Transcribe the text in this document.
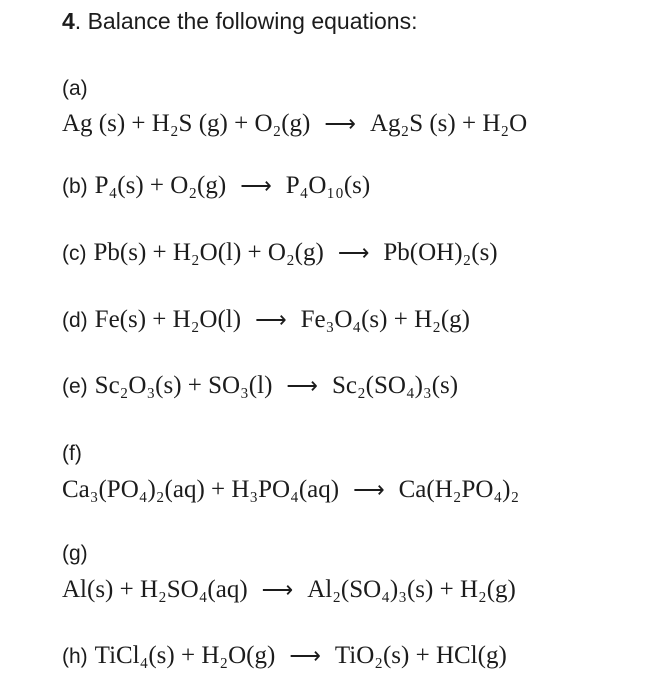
4. Balance the following equations:
(a)
Ag (s) + H₂S (g) + O₂(g) ⟶ Ag₂S (s) + H₂O
(b) P₄(s) + O₂(g) ⟶ P₄O₁₀(s)
(c) Pb(s) + H₂O(l) + O₂(g) ⟶ Pb(OH)₂(s)
(d) Fe(s) + H₂O(l) ⟶ Fe₃O₄(s) + H₂(g)
(e) Sc₂O₃(s) + SO₃(l) ⟶ Sc₂(SO₄)₃(s)
(f)
Ca₃(PO₄)₂(aq) + H₃PO₄(aq) ⟶ Ca(H₂PO₄)₂
(g)
Al(s) + H₂SO₄(aq) ⟶ Al₂(SO₄)₃(s) + H₂(g)
(h) TiCl₄(s) + H₂O(g) ⟶ TiO₂(s) + HCl(g)
